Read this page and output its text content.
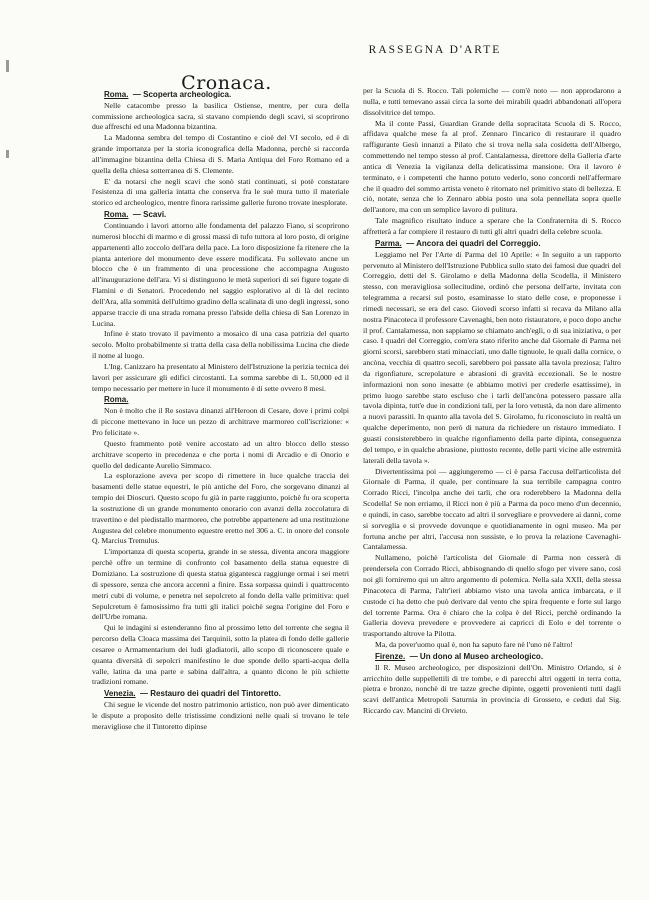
RASSEGNA D'ARTE

Cronaca.

Roma.  — Scoperta archeologica.

Nelle catacombe presso la basilica Ostiense, mentre, per cura della commissione archeologica sacra, si stavano compiendo degli scavi, si scoprirono due affreschi ed una Madonna bizantina.

La Madonna sembra del tempo di Costantino e cioè del VI secolo, ed è di grande importanza per la storia iconografica della Madonna, perchè si raccorda all'immagine bizantina della Chiesa di S. Maria Antiqua del Foro Romano ed a quella della chiesa sotterranea di S. Clemente.

E' da notarsi che negli scavi che sonò stati continuati, si potè constatare l'esistenza di una galleria intatta che conserva fra le suè mura tutto il materiale storico ed archeologico, mentre finora rarissime gallerie furono trovate inesplorate.

Roma.  — Scavi.

Continuando i lavori attorno alle fondamenta del palazzo Fiano, si scoprirono numerosi blocchi di marmo e di grossi massi di tufo tuttora al loro posto, di origine appartenenti allo zoccolo dell'ara della pace. La loro disposizione fa ritenere che la pianta anteriore del monumento deve essere modificata. Fu sollevato ancne un blocco che è un frammento di una processione che accompagna Augusto all'inaugurazione dell'ara. Vi si distinguono le metà superiori di sei figure togate di Flamini e di Senatori. Procedendo nel saggio esplorativo al di là del recinto dell'Ara, alla sommità dell'ultimo gradino della scalinata di uno degli ingressi, sono apparse traccie di una strada romana presso l'abside della chiesa di San Lorenzo in Lucina.

Infine è stato trovato il pavimento a mosaico di una casa patrizia del quarto secolo. Molto probabilmente si tratta della casa della nobilissima Lucina che diede il nome al luogo.

L'Ing. Canizzaro ha presentato al Ministero dell'Istruzione la perizia tecnica dei lavori per assicurare gli edifici circostanti. La somma sarebbe di L. 50,000 ed il tempo necessario per mettere in luce il monumento è di sette ovvero 8 mesi.

Roma.

Non è molto che il Re sostava dinanzi all'Heroon di Cesare, dove i primi colpi di piccone mettevano in luce un pezzo di architrave marmoreo coll'iscrizione: « Pro felicitate ».

Questo frammento potè venire accostato ad un altro blocco dello stesso architrave scoperto in precedenza e che porta i nomi di Arcadio e di Onorio e quello del dedicante Aurelio Simmaco.

La esplorazione aveva per scopo di rimettere in luce qualche traccia dei basamenti delle statue equestri, le più antiche del Foro, che sorgevano dinanzi al tempio dei Dioscuri. Questo scopo fu già in parte raggiunto, poichè fu ora scoperta la sostruzione di un grande monumento onorario con avanzi della zoccolatura di travertino e del piedistallo marmoreo, che potrebbe appartenere ad una restituzione Augustea del celebre monumento equestre eretto nel 306 a. C. in onore del console Q. Marcius Tremulus.

L'importanza di questa scoperta, grande in se stessa, diventa ancora maggiore perchè offre un termine di confronto col basamento della statua equestre di Domiziano. La sostruzione di questa statua gigantesca raggiunge ormai i sei metri di spessore, senza che ancora accenni a finire. Essa sorpassa quindi i quattrocento metri cubi di volume, e penetra nel sepolcreto al fondo della valle primitiva: quel Sepulcretum è famosissimo fra tutti gli italici poichè segna l'origine del Foro e dell'Urbe romana.

Qui le indagini si estenderanno fino al prossimo letto del torrente che segna il percorso della Cloaca massima dei Tarquinii, sotto la platea di fondo delle gallerie cesaree o Armamentarium dei ludi gladiatorii, allo scopo di riconoscere quale e quanta diversità di sepolcri manifestino le due sponde dello sparti-acqua della valle, latina da una parte e sabina dall'altra, a quanto dicono le più schiette tradizioni romane.

Venezia.  — Restauro dei quadri del Tintoretto.

Chi segue le vicende del nostro patrimonio artistico, non può aver dimenticato le dispute a proposito delle tristissime condizioni nelle quali si trovano le tele meravigliose che il Tintoretto dipinse

per la Scuola di S. Rocco. Tali polemiche — com'è noto — non approdarono a nulla, e tutti temevano assai circa la sorte dei mirabili quadri abbandonati all'opera dissolvitrice del tempo.

Ma il conte Passi, Guardian Grande della sopracitata Scuola di S. Rocco, affidava qualche mese fa al prof. Zennaro l'incarico di restaurare il quadro raffigurante Gesù innanzi a Pilato che si trova nella sala cosidetta dell'Albergo, commettendo nel tempo stesso al prof. Cantalamessa, direttore della Galleria d'arte antica di Venezia la vigilanza della delicatissima mansione. Ora il lavoro è terminato, e i competenti che hanno potuto vederlo, sono concordi nell'affermare che il quadro del sommo artista veneto è ritornato nel primitivo stato di bellezza. E ciò, notate, senza che lo Zennaro abbia posto una sola pennellata sopra quelle dell'autore, ma con un semplice lavoro di pulitura.

Tale magnifico risultato induce a sperare che la Confraternita di S. Rocco affretterà a far compiere il restauro di tutti gli altri quadri della celebre scuola.

Parma.  — Ancora dei quadri del Correggio.

Leggiamo nel Per l'Arte di Parma del 10 Aprile: « In seguito a un rapporto pervenuto al Ministero dell'Istruzione Pubblica sullo stato dei famosi due quadri del Correggio, detti del S. Girolamo e della Madonna della Scodella, il Ministero stesso, con meravigliosa sollecitudine, ordinò che persona dell'arte, invitata con telegramma a recarsi sul posto, esaminasse lo stato delle cose, e proponesse i rimedi necessari, se era del caso. Giovedì scorso infatti si recava da Milano alla nostra Pinacoteca il professore Cavenaghi, ben noto ristauratore, e poco dopo anche il prof. Cantalamessa, non sappiamo se chiamato anch'egli, o di sua iniziativa, o per caso. I quadri del Correggio, com'era stato riferito anche dal Giornale di Parma nei giorni scorsi, sarebbero stati minacciati, uno dalle tignuole, le quali dalla cornice, o ancòna, vecchia di quattro secoli, sarebbero poi passate alla tavola preziosa; l'altro da rigonfiature, screpolature e abrasioni di gravità eccezionali. Se le nostre informazioni non sono inesatte (e abbiamo motivi per crederle esattissime), in primo luogo sarebbe stato escluso che i tarli dell'ancòna potessero passare alla tavola dipinta, tutt'e due in condizioni tali, per la loro vetustà, da non dare alimento a nuovi parassiti. In quanto alla tavola del S. Girolamo, fu riconosciuto in realtà un qualche deperimento, non però di natura da richiedere un ristauro immediato. I guasti consisterebbero in qualche rigonfiamento della parte dipinta, conseguenza del tempo, e in qualche abrasione, piuttosto recente, delle parti vicine alle estremità laterali della tavola ».

Divertentissima poi — aggiungeremo — ci è parsa l'accusa dell'articolista del Giornale di Parma, il quale, per continuare la sua terribile campagna contro Corrado Ricci, l'incolpa anche dei tarli, che ora roderebbero la Madonna della Scodella! Se non erriamo, il Ricci non è più a Parma da poco meno d'un decennio, e quindi, in caso, sarebbe toccato ad altri il sorvegliare e provvedere ai danni, come si sorveglia e si provvede dovunque e quotidianamente in ogni museo. Ma per fortuna anche per altri, l'accusa non sussiste, e lo prova la relazione Cavenaghi-Cantalamessa.

Nullameno, poichè l'articolista del Giornale di Parma non cesserà di prendersela con Corrado Ricci, abbisognando di quello sfogo per vivere sano, così noi gli forniremo qui un altro argomento di polemica. Nella sala XXII, della stessa Pinacoteca di Parma, l'altr'ieri abbiamo visto una tavola antica imbarcata, e il custode ci ha detto che può derivare dal vento che spira frequente e forte sul largo del torrente Parma. Ora è chiaro che la colpa è del Ricci, perchè ordinando la Galleria doveva prevedere e provvedere ai capricci di Eolo e del torrente o trasportando altrove la Pilotta.

Ma, da pover'uomo qual è, non ha saputo fare nè l'uno nè l'altro!

Firenze.  — Un dono al Museo archeologico.

Il R. Museo archeologico, per disposizioni dell'On. Ministro Orlando, si è arricchito delle suppellettili di tre tombe, e di parecchi altri oggetti in terra cotta, pietra e bronzo, nonchè di tre tazze greche dipinte, oggetti provenienti tutti dagli scavi dell'antica Metropoli Saturnia in provincia di Grosseto, e ceduti dal Sig. Riccardo cav. Mancini di Orvieto.
